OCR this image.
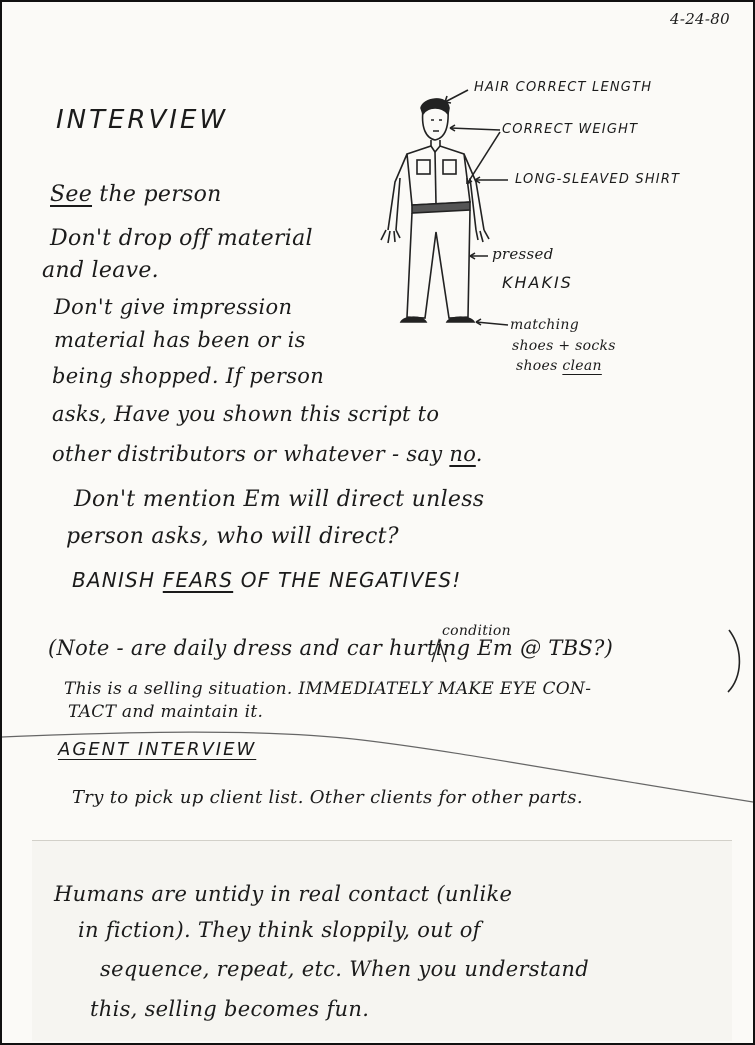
4-24-80
INTERVIEW
HAIR CORRECT LENGTH
CORRECT WEIGHT
LONG-SLEAVED SHIRT
pressed
KHAKIS
matching
shoes + socks
shoes clean
See the person
Don't drop off material
and leave.
Don't give impression
material has been or is
being shopped. If person
asks, Have you shown this script to
other distributors or whatever - say no.
Don't mention Em will direct unless
person asks, who will direct?
BANISH FEARS OF THE NEGATIVES!
condition
(Note - are daily dress and car hurting Em @ TBS?)
This is a selling situation. IMMEDIATELY MAKE EYE CON-
TACT and maintain it.
AGENT INTERVIEW
Try to pick up client list. Other clients for other parts.
Humans are untidy in real contact (unlike
in fiction). They think sloppily, out of
sequence, repeat, etc. When you understand
this, selling becomes fun.
